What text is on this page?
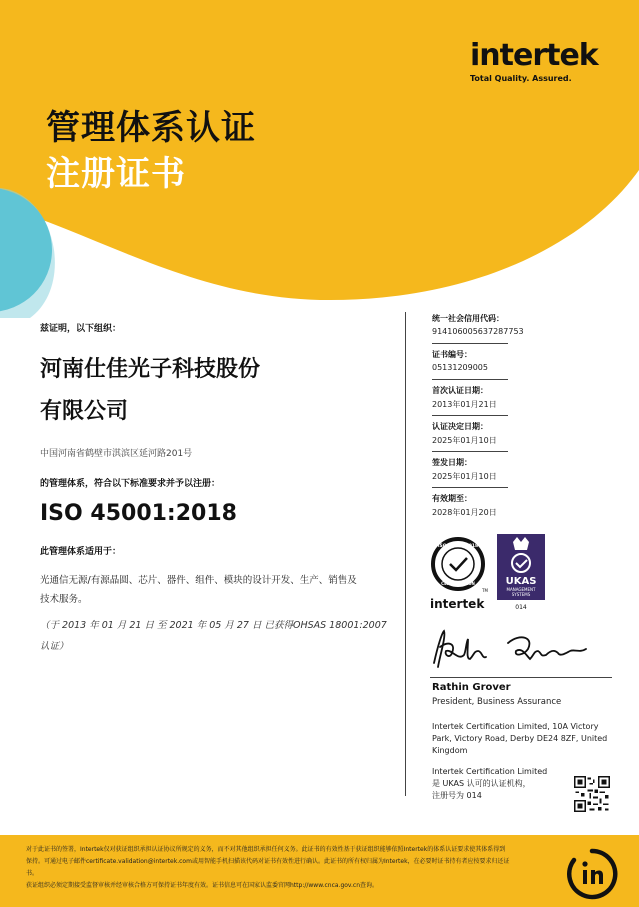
intertek
Total Quality. Assured.
管理体系认证
注册证书
兹证明，以下组织：
河南仕佳光子科技股份
有限公司
中国河南省鹤壁市淇滨区延河路201号
的管理体系，符合以下标准要求并予以注册：
ISO 45001:2018
此管理体系适用于：
光通信无源/有源晶圆、芯片、器件、组件、模块的设计开发、生产、销售及
技术服务。
（于 2013 年 01 月 21 日 至 2021 年 05 月 27 日 已获得OHSAS 18001:2007
认证）
统一社会信用代码：
914106005637287753
证书编号：
05131209005
首次认证日期：
2013年01月21日
认证决定日期：
2025年01月10日
签发日期：
2025年01月10日
有效期至：
2028年01月20日
ISO 45001:2018
CERTIFICATION
TM
intertek
UKAS
MANAGEMENT
SYSTEMS
014
Rathin Grover
President, Business Assurance
Intertek Certification Limited, 10A Victory
Park, Victory Road, Derby DE24 8ZF, United
Kingdom
Intertek Certification Limited
是 UKAS 认可的认证机构，
注册号为 014
对于此证书的签署，Intertek仅对获证组织承担认证协议所规定的义务，而不对其他组织承担任何义务。此证书的有效性基于获证组织能够依照Intertek的体系认证要求使其体系得到
保持。可通过电子邮件certificate.validation@intertek.com或用智能手机扫描该代码对证书有效性进行确认。此证书的所有权归属为Intertek，在必要时证书持有者应按要求归还证
书。
获证组织必须定期接受监督审核并经审核合格方可保持证书年度有效。证书信息可在国家认监委官网http://www.cnca.gov.cn查询。
